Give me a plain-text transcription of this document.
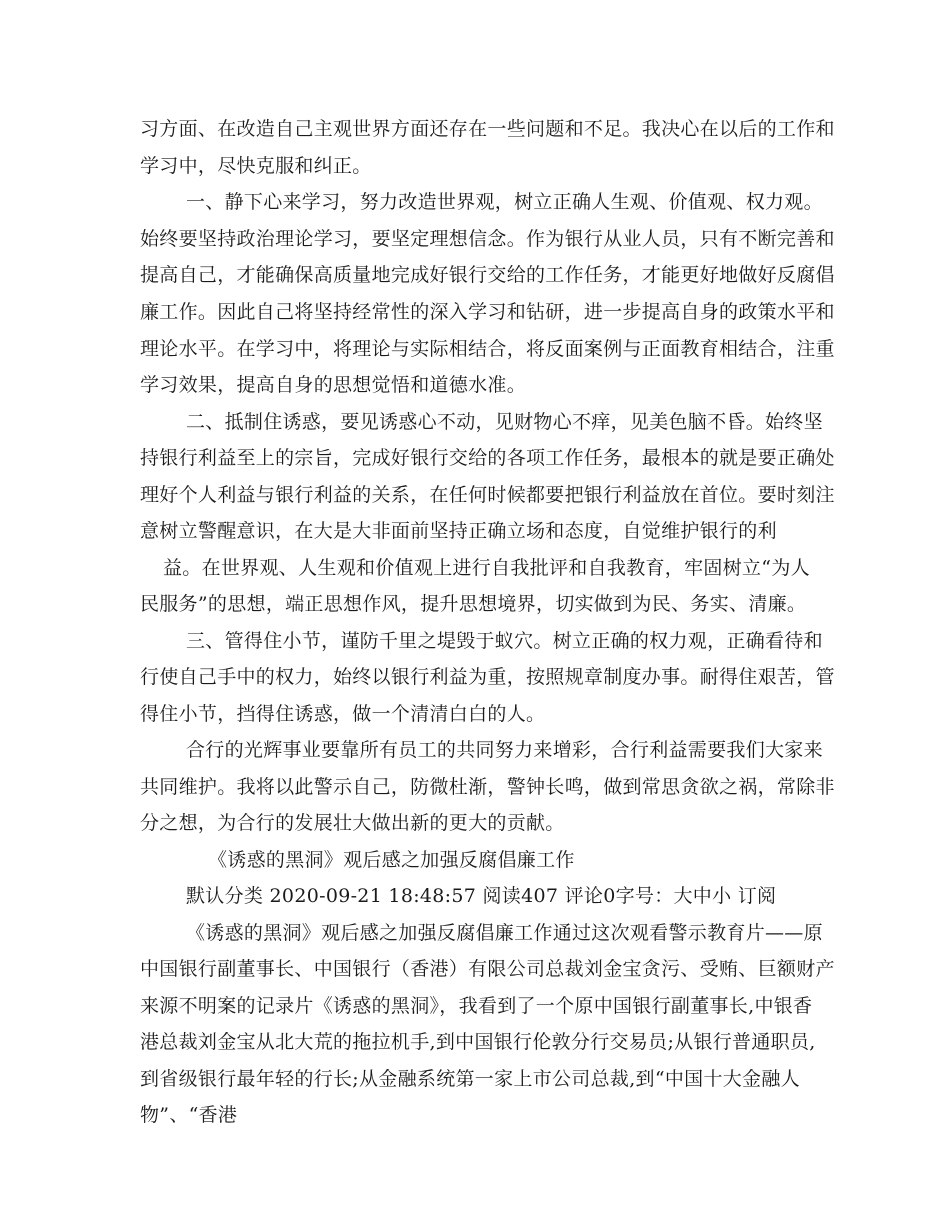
习方面、在改造自己主观世界方面还存在一些问题和不足。我决心在以后的工作和
学习中，尽快克服和纠正。
一、静下心来学习，努力改造世界观，树立正确人生观、价值观、权力观。
始终要坚持政治理论学习，要坚定理想信念。作为银行从业人员，只有不断完善和
提高自己，才能确保高质量地完成好银行交给的工作任务，才能更好地做好反腐倡
廉工作。因此自己将坚持经常性的深入学习和钻研，进一步提高自身的政策水平和
理论水平。在学习中，将理论与实际相结合，将反面案例与正面教育相结合，注重
学习效果，提高自身的思想觉悟和道德水准。
二、抵制住诱惑，要见诱惑心不动，见财物心不痒，见美色脑不昏。始终坚
持银行利益至上的宗旨，完成好银行交给的各项工作任务，最根本的就是要正确处
理好个人利益与银行利益的关系，在任何时候都要把银行利益放在首位。要时刻注
意树立警醒意识，在大是大非面前坚持正确立场和态度，自觉维护银行的利
益。在世界观、人生观和价值观上进行自我批评和自我教育，牢固树立“为人
民服务”的思想，端正思想作风，提升思想境界，切实做到为民、务实、清廉。
三、管得住小节，谨防千里之堤毁于蚁穴。树立正确的权力观，正确看待和
行使自己手中的权力，始终以银行利益为重，按照规章制度办事。耐得住艰苦，管
得住小节，挡得住诱惑，做一个清清白白的人。
合行的光辉事业要靠所有员工的共同努力来增彩，合行利益需要我们大家来
共同维护。我将以此警示自己，防微杜渐，警钟长鸣，做到常思贪欲之祸，常除非
分之想，为合行的发展壮大做出新的更大的贡献。
《诱惑的黑洞》观后感之加强反腐倡廉工作
默认分类 2020-09-21 18:48:57 阅读407 评论0字号：大中小 订阅
《诱惑的黑洞》观后感之加强反腐倡廉工作通过这次观看警示教育片——原
中国银行副董事长、中国银行（香港）有限公司总裁刘金宝贪污、受贿、巨额财产
来源不明案的记录片《诱惑的黑洞》，我看到了一个原中国银行副董事长,中银香
港总裁刘金宝从北大荒的拖拉机手,到中国银行伦敦分行交易员;从银行普通职员,
到省级银行最年轻的行长;从金融系统第一家上市公司总裁,到“中国十大金融人
物”、“香港
